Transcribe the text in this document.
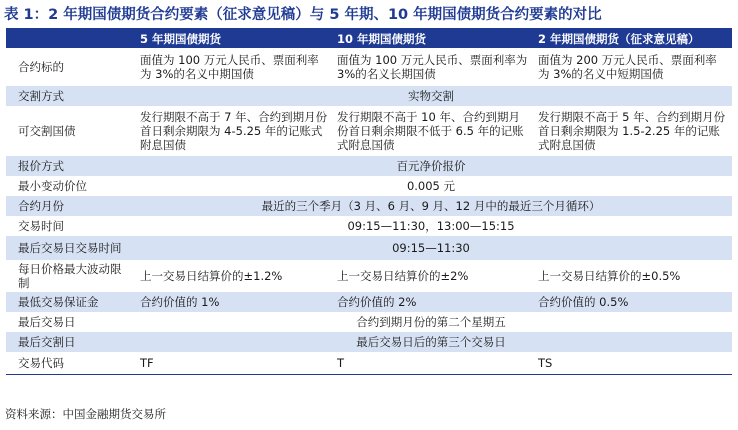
表 1：2 年期国债期货合约要素（征求意见稿）与 5 年期、10 年期国债期货合约要素的对比
	5 年期国债期货	10 年期国债期货	2 年期国债期货（征求意见稿）
合约标的	面值为 100 万元人民币、票面利率为 3%的名义中期国债	面值为 100 万元人民币、票面利率为 3%的名义长期国债	面值为 200 万元人民币、票面利率为 3%的名义中短期国债
交割方式	实物交割		
可交割国债	发行期限不高于 7 年、合约到期月份首日剩余期限为 4-5.25 年的记账式附息国债	发行期限不高于 10 年、合约到期月份首日剩余期限不低于 6.5 年的记账式附息国债	发行期限不高于 5 年、合约到期月份首日剩余期限为 1.5-2.25 年的记账式附息国债
报价方式	百元净价报价		
最小变动价位	0.005 元		
合约月份	最近的三个季月（3 月、6 月、9 月、12 月中的最近三个月循环）		
交易时间	09:15—11:30，13:00—15:15		
最后交易日交易时间	09:15—11:30		
每日价格最大波动限制	上一交易日结算价的±1.2%	上一交易日结算价的±2%	上一交易日结算价的±0.5%
最低交易保证金	合约价值的 1%	合约价值的 2%	合约价值的 0.5%
最后交易日	合约到期月份的第二个星期五		
最后交割日	最后交易日后的第三个交易日		
交易代码	TF	T	TS
资料来源：中国金融期货交易所
